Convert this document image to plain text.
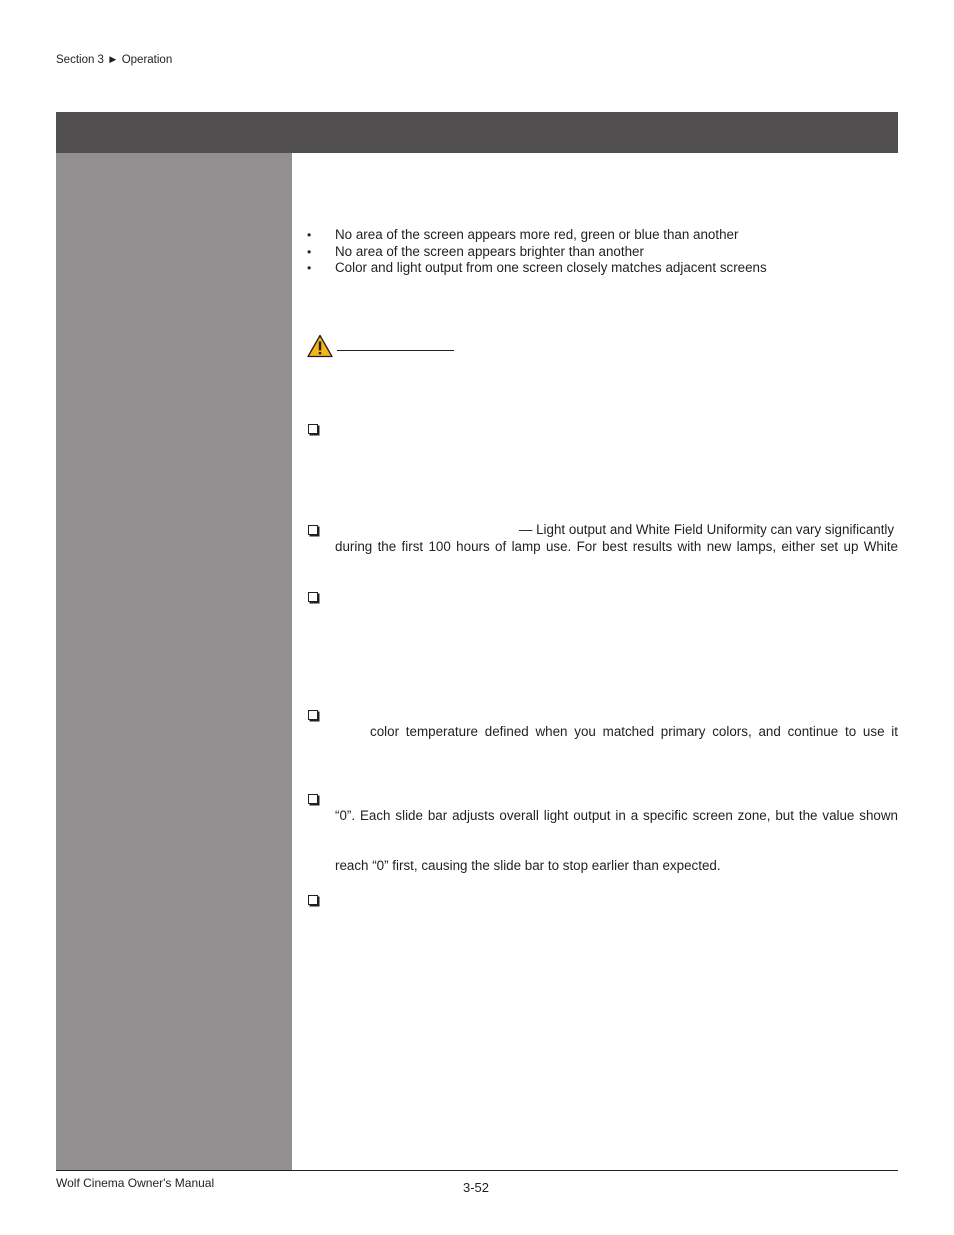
Section 3 ► Operation
• No area of the screen appears more red, green or blue than another
• No area of the screen appears brighter than another
• Color and light output from one screen closely matches adjacent screens
— Light output and White Field Uniformity can vary significantly
during the first 100 hours of lamp use. For best results with new lamps, either set up White
color temperature defined when you matched primary colors, and continue to use it
“0”. Each slide bar adjusts overall light output in a specific screen zone, but the value shown
reach “0” first, causing the slide bar to stop earlier than expected.
Wolf Cinema Owner's Manual	3-52
